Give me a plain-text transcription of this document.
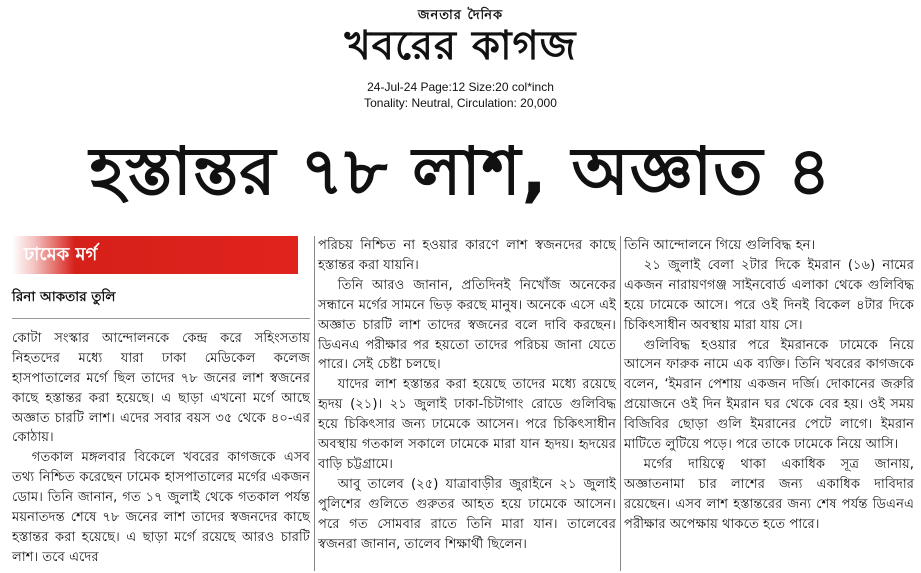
জনতার দৈনিক
খবরের কাগজ
24-Jul-24 Page:12 Size:20 col*inch
Tonality: Neutral, Circulation: 20,000
হস্তান্তর ৭৮ লাশ, অজ্ঞাত ৪
ঢামেক মর্গ
রিনা আকতার তুলি

কোটা সংস্কার আন্দোলনকে কেন্দ্র করে সহিংসতায় নিহতদের মধ্যে যারা ঢাকা মেডিকেল কলেজ হাসপাতালের মর্গে ছিল তাদের ৭৮ জনের লাশ স্বজনের কাছে হস্তান্তর করা হয়েছে। এ ছাড়া এখনো মর্গে আছে অজ্ঞাত চারটি লাশ। এদের সবার বয়স ৩৫ থেকে ৪০-এর কোঠায়।

গতকাল মঙ্গলবার বিকেলে খবরের কাগজকে এসব তথ্য নিশ্চিত করেছেন ঢামেক হাসপাতালের মর্গের একজন ডোম। তিনি জানান, গত ১৭ জুলাই থেকে গতকাল পর্যন্ত ময়নাতদন্ত শেষে ৭৮ জনের লাশ তাদের স্বজনদের কাছে হস্তান্তর করা হয়েছে। এ ছাড়া মর্গে রয়েছে আরও চারটি লাশ। তবে এদের

পরিচয় নিশ্চিত না হওয়ার কারণে লাশ স্বজনদের কাছে হস্তান্তর করা যায়নি।

তিনি আরও জানান, প্রতিদিনই নিখোঁজ অনেকের সন্ধানে মর্গের সামনে ভিড় করছে মানুষ। অনেকে এসে এই অজ্ঞাত চারটি লাশ তাদের স্বজনের বলে দাবি করছেন। ডিএনএ পরীক্ষার পর হয়তো তাদের পরিচয় জানা যেতে পারে। সেই চেষ্টা চলছে।

যাদের লাশ হস্তান্তর করা হয়েছে তাদের মধ্যে রয়েছে হৃদয় (২১)। ২১ জুলাই ঢাকা-চিটাগাং রোডে গুলিবিদ্ধ হয়ে চিকিৎসার জন্য ঢামেকে আসেন। পরে চিকিৎসাধীন অবস্থায় গতকাল সকালে ঢামেকে মারা যান হৃদয়। হৃদয়ের বাড়ি চট্টগ্রামে।

আবু তালেব (২৫) যাত্রাবাড়ীর জুরাইনে ২১ জুলাই পুলিশের গুলিতে গুরুতর আহত হয়ে ঢামেকে আসেন। পরে গত সোমবার রাতে তিনি মারা যান। তালেবের স্বজনরা জানান, তালেব শিক্ষার্থী ছিলেন।

তিনি আন্দোলনে গিয়ে গুলিবিদ্ধ হন।

২১ জুলাই বেলা ২টার দিকে ইমরান (১৬) নামের একজন নারায়ণগঞ্জ সাইনবোর্ড এলাকা থেকে গুলিবিদ্ধ হয়ে ঢামেকে আসে। পরে ওই দিনই বিকেল ৪টার দিকে চিকিৎসাধীন অবস্থায় মারা যায় সে।

গুলিবিদ্ধ হওয়ার পরে ইমরানকে ঢামেকে নিয়ে আসেন ফারুক নামে এক ব্যক্তি। তিনি খবরের কাগজকে বলেন, ‘ইমরান পেশায় একজন দর্জি। দোকানের জরুরি প্রয়োজনে ওই দিন ইমরান ঘর থেকে বের হয়। ওই সময় বিজিবির ছোড়া গুলি ইমরানের পেটে লাগে। ইমরান মাটিতে লুটিয়ে পড়ে। পরে তাকে ঢামেকে নিয়ে আসি।

মর্গের দায়িত্বে থাকা একাধিক সূত্র জানায়, অজ্ঞাতনামা চার লাশের জন্য একাধিক দাবিদার রয়েছেন। এসব লাশ হস্তান্তরের জন্য শেষ পর্যন্ত ডিএনএ পরীক্ষার অপেক্ষায় থাকতে হতে পারে।
